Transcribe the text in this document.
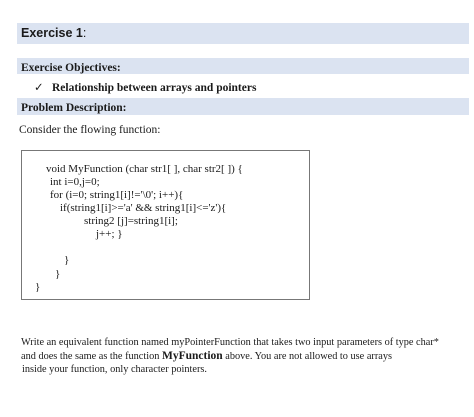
Exercise 1:
Exercise Objectives:
✓ Relationship between arrays and pointers
Problem Description:
Consider the flowing function:
void MyFunction (char str1[ ], char str2[ ]) {
int i=0,j=0;
for (i=0; string1[i]!='\0'; i++){
if(string1[i]>='a' && string1[i]<='z'){
string2 [j]=string1[i];
j++; }
}
}
}
Write an equivalent function named myPointerFunction that takes two input parameters of type char*
and does the same as the function MyFunction above. You are not allowed to use arrays
inside your function, only character pointers.
